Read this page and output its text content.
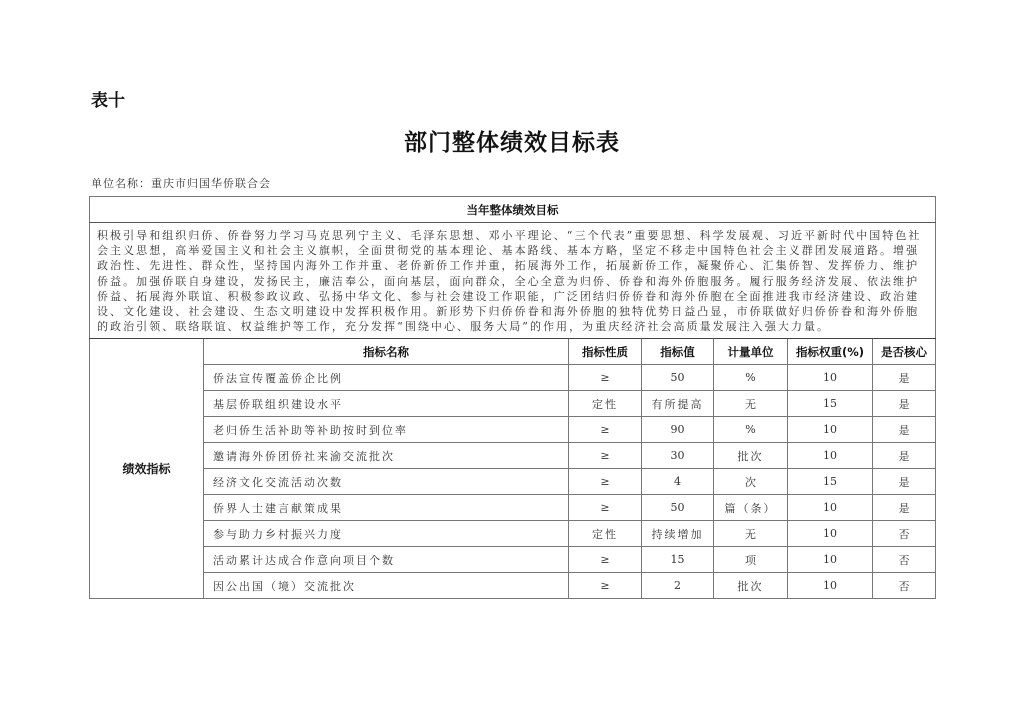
表十
部门整体绩效目标表
单位名称：重庆市归国华侨联合会
当年整体绩效目标						
积极引导和组织归侨、侨眷努力学习马克思列宁主义、毛泽东思想、邓小平理论、“三个代表”重要思想、科学发展观、习近平新时代中国特色社会主义思想，高举爱国主义和社会主义旗帜，全面贯彻党的基本理论、基本路线、基本方略，坚定不移走中国特色社会主义群团发展道路。增强政治性、先进性、群众性，坚持国内海外工作并重、老侨新侨工作并重，拓展海外工作，拓展新侨工作，凝聚侨心、汇集侨智、发挥侨力、维护侨益。加强侨联自身建设，发扬民主，廉洁奉公，面向基层，面向群众，全心全意为归侨、侨眷和海外侨胞服务。履行服务经济发展、依法维护侨益、拓展海外联谊、积极参政议政、弘扬中华文化、参与社会建设工作职能，广泛团结归侨侨眷和海外侨胞在全面推进我市经济建设、政治建设、文化建设、社会建设、生态文明建设中发挥积极作用。新形势下归侨侨眷和海外侨胞的独特优势日益凸显，市侨联做好归侨侨眷和海外侨胞的政治引领、联络联谊、权益维护等工作，充分发挥“围绕中心、服务大局”的作用，为重庆经济社会高质量发展注入强大力量。						
绩效指标	指标名称	指标性质	指标值	计量单位	指标权重(%)	是否核心
	侨法宣传覆盖侨企比例	≥	50	%	10	是
	基层侨联组织建设水平	定性	有所提高	无	15	是
	老归侨生活补助等补助按时到位率	≥	90	%	10	是
	邀请海外侨团侨社来渝交流批次	≥	30	批次	10	是
	经济文化交流活动次数	≥	4	次	15	是
	侨界人士建言献策成果	≥	50	篇（条）	10	是
	参与助力乡村振兴力度	定性	持续增加	无	10	否
	活动累计达成合作意向项目个数	≥	15	项	10	否
	因公出国（境）交流批次	≥	2	批次	10	否
